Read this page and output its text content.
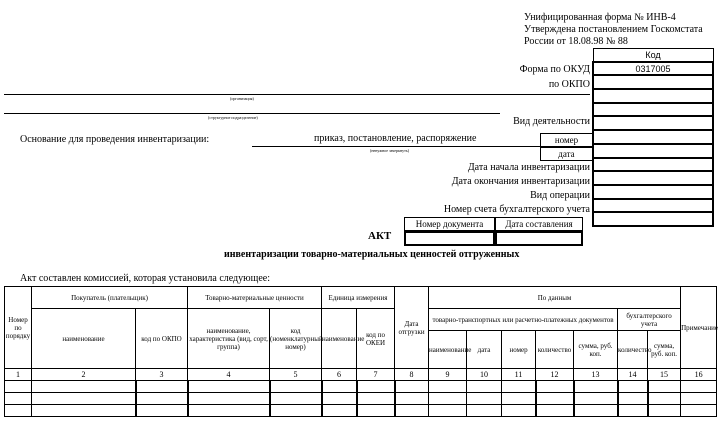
Унифицированная форма № ИНВ-4
Утверждена постановлением Госкомстата
России от 18.08.98 № 88
Код
0317005

Форма по ОКУД
по ОКПО
Вид деятельности
номер
дата
Дата начала инвентаризации
Дата окончания инвентаризации
Вид операции
Номер счета бухгалтерского учета
(организация)
(структурное подразделение)
Основание для проведения инвентаризации:	приказ, постановление, распоряжение
(ненужное зачеркнуть)
Номер документа Дата составления
АКТ
инвентаризации товарно-материальных ценностей отгруженных
Акт составлен комиссией, которая установила следующее:
Номер по порядку	Покупатель (плательщик)		Товарно-материальные ценности		Единица измерения		Дата отгрузки	По данным							Примечание
	наименование	код по ОКПО	наименование, характеристика (вид, сорт, группа)	код (номенклатурный номер)	наименование	код по ОКЕИ		товарно-транспортных или расчетно-платежных документов					бухгалтерского учета		
								наименование	дата	номер	количество	сумма, руб. коп.	количество	сумма, руб. коп.	
1	2	3	4	5	6	7	8	9	10	11	12	13	14	15	16
